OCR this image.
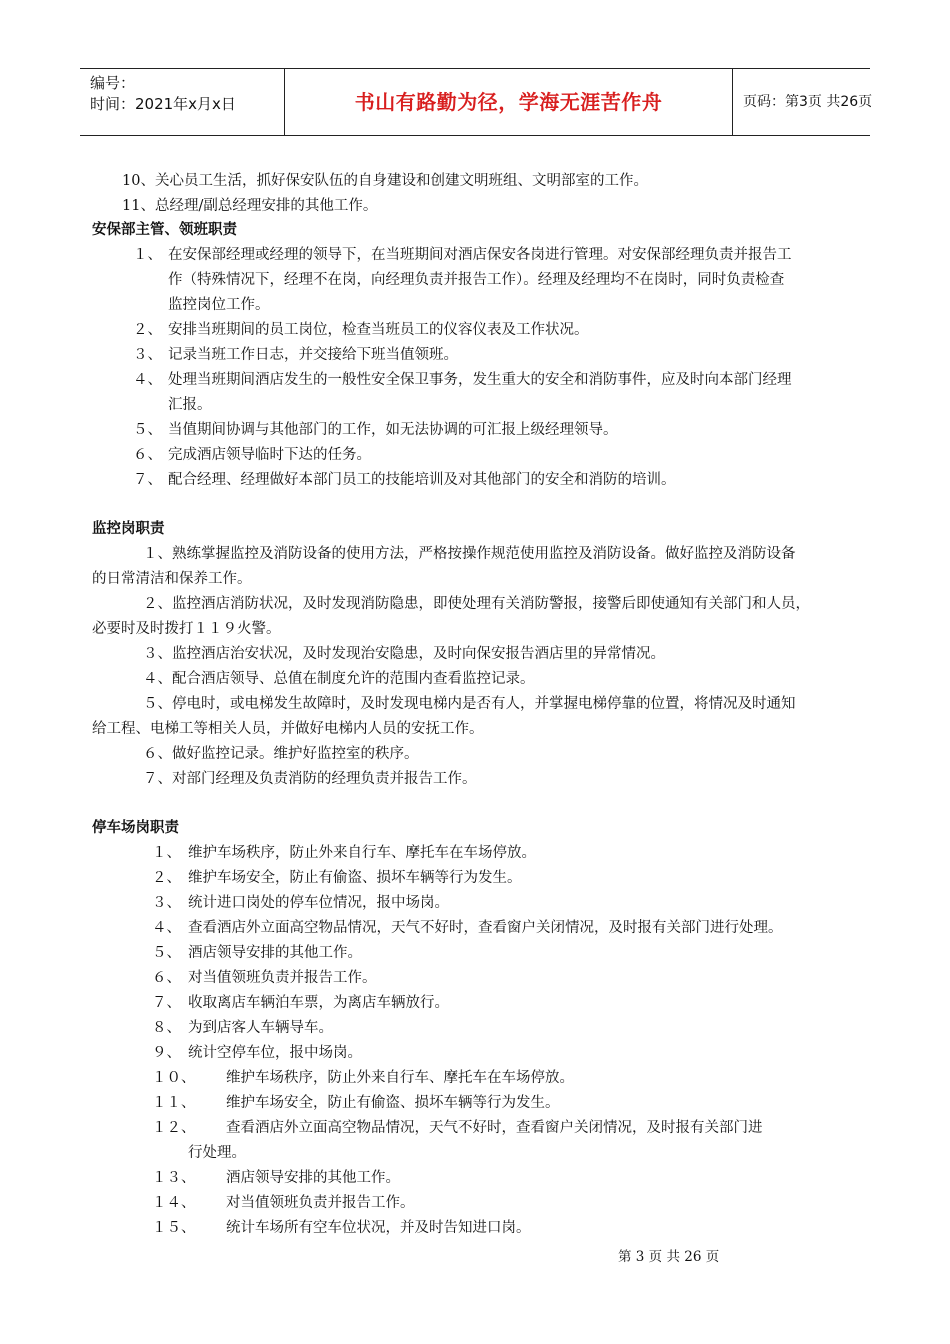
编号：
时间：2021年x月x日	书山有路勤为径，学海无涯苦作舟	页码：第3页 共26页
10、关心员工生活，抓好保安队伍的自身建设和创建文明班组、文明部室的工作。
11、总经理/副总经理安排的其他工作。
安保部主管、领班职责
１、 在安保部经理或经理的领导下，在当班期间对酒店保安各岗进行管理。对安保部经理负责并报告工
作（特殊情况下，经理不在岗，向经理负责并报告工作）。经理及经理均不在岗时，同时负责检查
监控岗位工作。
２、 安排当班期间的员工岗位，检查当班员工的仪容仪表及工作状况。
３、 记录当班工作日志，并交接给下班当值领班。
４、 处理当班期间酒店发生的一般性安全保卫事务，发生重大的安全和消防事件，应及时向本部门经理
汇报。
５、 当值期间协调与其他部门的工作，如无法协调的可汇报上级经理领导。
６、 完成酒店领导临时下达的任务。
７、 配合经理、经理做好本部门员工的技能培训及对其他部门的安全和消防的培训。
监控岗职责
１、熟练掌握监控及消防设备的使用方法，严格按操作规范使用监控及消防设备。做好监控及消防设备
的日常清洁和保养工作。
２、监控酒店消防状况，及时发现消防隐患，即使处理有关消防警报，接警后即使通知有关部门和人员，
必要时及时拨打１１９火警。
３、监控酒店治安状况，及时发现治安隐患，及时向保安报告酒店里的异常情况。
４、配合酒店领导、总值在制度允许的范围内查看监控记录。
５、停电时，或电梯发生故障时，及时发现电梯内是否有人，并掌握电梯停靠的位置，将情况及时通知
给工程、电梯工等相关人员，并做好电梯内人员的安抚工作。
６、做好监控记录。维护好监控室的秩序。
７、对部门经理及负责消防的经理负责并报告工作。
停车场岗职责
１、 维护车场秩序，防止外来自行车、摩托车在车场停放。
２、 维护车场安全，防止有偷盗、损坏车辆等行为发生。
３、 统计进口岗处的停车位情况，报中场岗。
４、 查看酒店外立面高空物品情况，天气不好时，查看窗户关闭情况，及时报有关部门进行处理。
５、 酒店领导安排的其他工作。
６、 对当值领班负责并报告工作。
７、 收取离店车辆泊车票，为离店车辆放行。
８、 为到店客人车辆导车。
９、 统计空停车位，报中场岗。
１０、 维护车场秩序，防止外来自行车、摩托车在车场停放。
１１、 维护车场安全，防止有偷盗、损坏车辆等行为发生。
１２、 查看酒店外立面高空物品情况，天气不好时，查看窗户关闭情况，及时报有关部门进
行处理。
１３、 酒店领导安排的其他工作。
１４、 对当值领班负责并报告工作。
１５、 统计车场所有空车位状况，并及时告知进口岗。
第 3 页 共 26 页
